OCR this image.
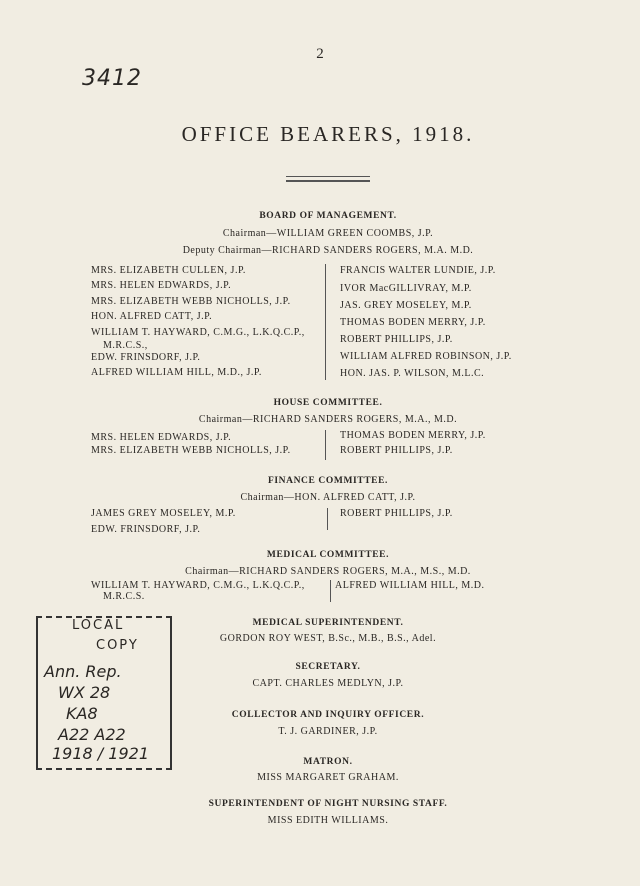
2
3412
OFFICE BEARERS, 1918.
BOARD OF MANAGEMENT.
Chairman—WILLIAM GREEN COOMBS, J.P.
Deputy Chairman—RICHARD SANDERS ROGERS, M.A. M.D.
MRS. ELIZABETH CULLEN, J.P.
MRS. HELEN EDWARDS, J.P.
MRS. ELIZABETH WEBB NICHOLLS, J.P.
HON. ALFRED CATT, J.P.
WILLIAM T. HAYWARD, C.M.G., L.K.Q.C.P.,
M.R.C.S.,
EDW. FRINSDORF, J.P.
ALFRED WILLIAM HILL, M.D., J.P.
FRANCIS WALTER LUNDIE, J.P.
IVOR MacGILLIVRAY, M.P.
JAS. GREY MOSELEY, M.P.
THOMAS BODEN MERRY, J.P.
ROBERT PHILLIPS, J.P.
WILLIAM ALFRED ROBINSON, J.P.
HON. JAS. P. WILSON, M.L.C.
HOUSE COMMITTEE.
Chairman—RICHARD SANDERS ROGERS, M.A., M.D.
MRS. HELEN EDWARDS, J.P.
MRS. ELIZABETH WEBB NICHOLLS, J.P.
THOMAS BODEN MERRY, J.P.
ROBERT PHILLIPS, J.P.
FINANCE COMMITTEE.
Chairman—HON. ALFRED CATT, J.P.
JAMES GREY MOSELEY, M.P.
EDW. FRINSDORF, J.P.
ROBERT PHILLIPS, J.P.
MEDICAL COMMITTEE.
Chairman—RICHARD SANDERS ROGERS, M.A., M.S., M.D.
WILLIAM T. HAYWARD, C.M.G., L.K.Q.C.P.,
M.R.C.S.
ALFRED WILLIAM HILL, M.D.
MEDICAL SUPERINTENDENT.
GORDON ROY WEST, B.Sc., M.B., B.S., Adel.
SECRETARY.
CAPT. CHARLES MEDLYN, J.P.
COLLECTOR AND INQUIRY OFFICER.
T. J. GARDINER, J.P.
MATRON.
MISS MARGARET GRAHAM.
SUPERINTENDENT OF NIGHT NURSING STAFF.
MISS EDITH WILLIAMS.
LOCAL
COPY
Ann. Rep.
WX 28
KA8
A22 A22
1918 / 1921
